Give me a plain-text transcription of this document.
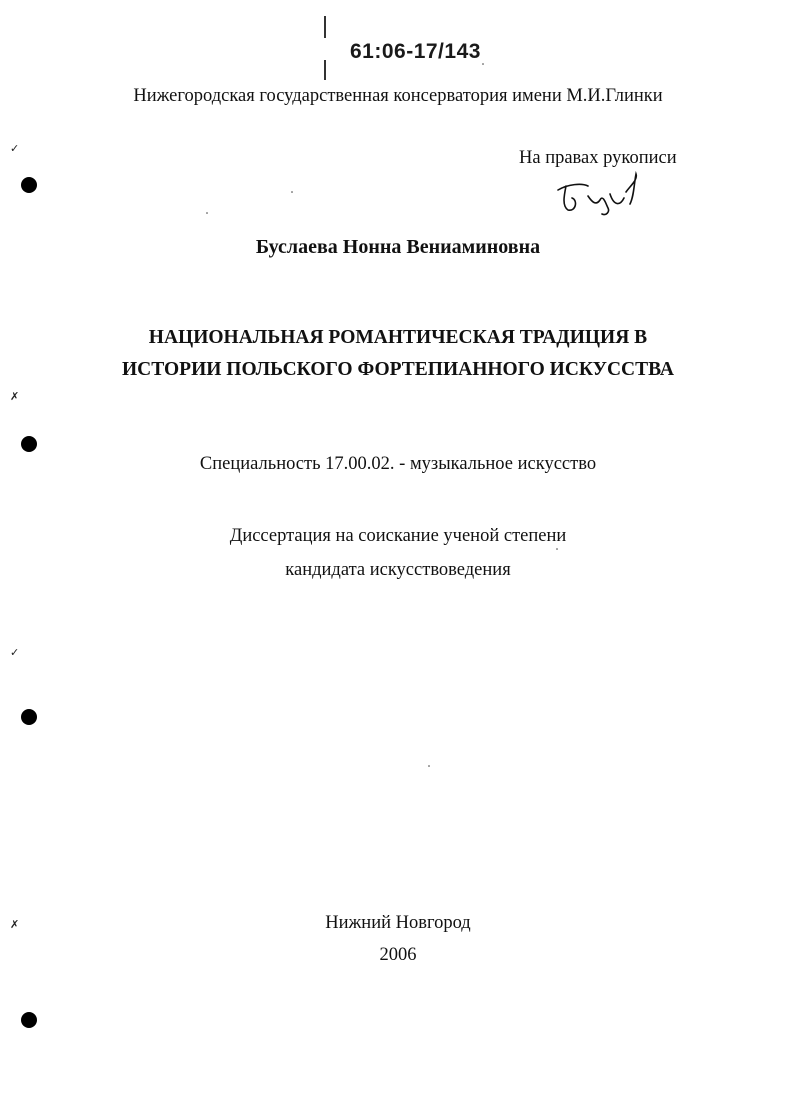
61:06-17/143
Нижегородская государственная консерватория имени М.И.Глинки
На правах рукописи
Буслаева Нонна Вениаминовна
НАЦИОНАЛЬНАЯ РОМАНТИЧЕСКАЯ ТРАДИЦИЯ В
ИСТОРИИ ПОЛЬСКОГО ФОРТЕПИАННОГО ИСКУССТВА
Специальность 17.00.02. - музыкальное искусство
Диссертация на соискание ученой степени
кандидата искусствоведения
Нижний Новгород
2006
✓
✗
✓
✗
